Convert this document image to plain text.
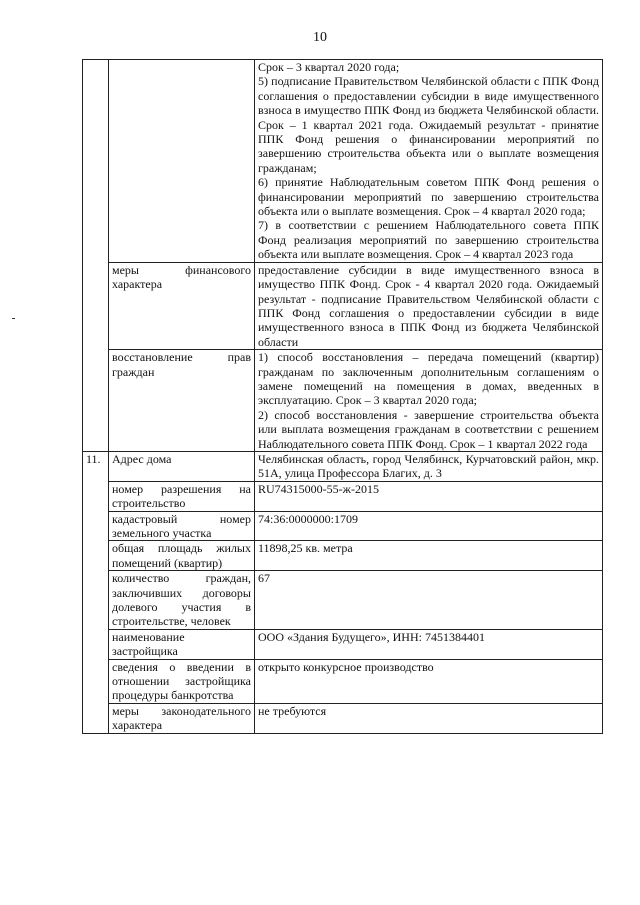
10

		Срок – 3 квартал 2020 года;
5) подписание Правительством Челябинской области с ППК Фонд соглашения о предоставлении субсидии в виде имущественного взноса в имущество ППК Фонд из бюджета Челябинской области. Срок – 1 квартал 2021 года. Ожидаемый результат - принятие ППК Фонд решения о финансировании мероприятий по завершению строительства объекта или о выплате возмещения гражданам;
6) принятие Наблюдательным советом ППК Фонд решения о финансировании мероприятий по завершению строительства объекта или о выплате возмещения. Срок – 4 квартал 2020 года;
7) в соответствии с решением Наблюдательного совета ППК Фонд реализация мероприятий по завершению строительства объекта или выплате возмещения. Срок – 4 квартал 2023 года

	меры финансового характера	предоставление субсидии в виде имущественного взноса в имущество ППК Фонд. Срок - 4 квартал 2020 года. Ожидаемый результат - подписание Правительством Челябинской области с ППК Фонд соглашения о предоставлении субсидии в виде имущественного взноса в ППК Фонд из бюджета Челябинской области

	восстановление прав граждан	1) способ восстановления – передача помещений (квартир) гражданам по заключенным дополнительным соглашениям о замене помещений на помещения в домах, введенных в эксплуатацию. Срок – 3 квартал 2020 года;
2) способ восстановления - завершение строительства объекта или выплата возмещения гражданам в соответствии с решением Наблюдательного совета ППК Фонд. Срок – 1 квартал 2022 года

11.	Адрес дома	Челябинская область, город Челябинск, Курчатовский район, мкр. 51А, улица Профессора Благих, д. 3
	номер разрешения на строительство	RU74315000-55-ж-2015
	кадастровый номер земельного участка	74:36:0000000:1709
	общая площадь жилых помещений (квартир)	11898,25 кв. метра
	количество граждан, заключивших договоры долевого участия в строительстве, человек	67
	наименование застройщика	ООО «Здания Будущего», ИНН: 7451384401
	сведения о введении в отношении застройщика процедуры банкротства	открыто конкурсное производство
	меры законодательного характера	не требуются
